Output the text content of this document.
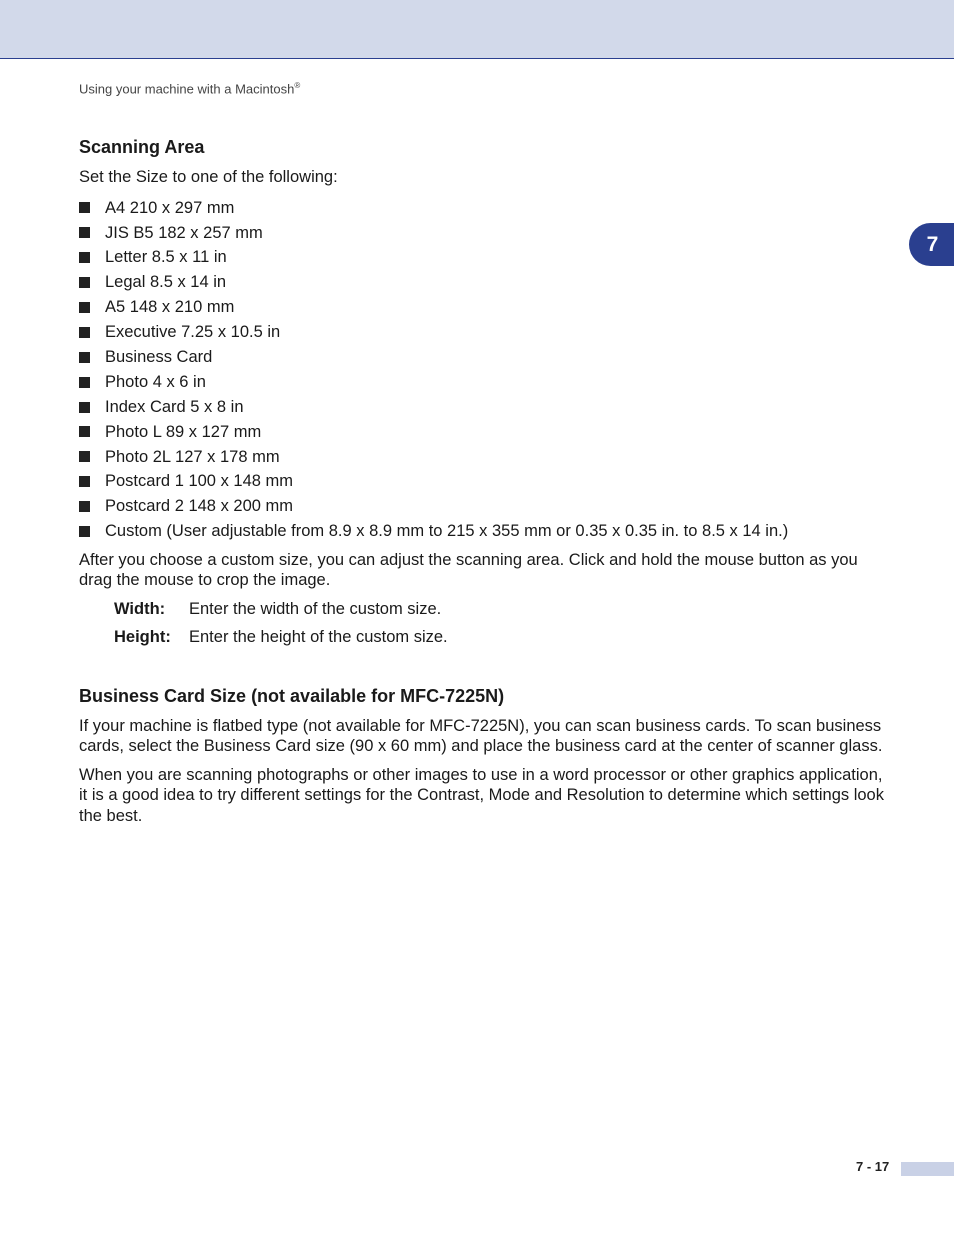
Using your machine with a Macintosh®
7
Scanning Area

Set the Size to one of the following:

A4 210 x 297 mm
JIS B5 182 x 257 mm
Letter 8.5 x 11 in
Legal 8.5 x 14 in
A5 148 x 210 mm
Executive 7.25 x 10.5 in
Business Card
Photo 4 x 6 in
Index Card 5 x 8 in
Photo L 89 x 127 mm
Photo 2L 127 x 178 mm
Postcard 1 100 x 148 mm
Postcard 2 148 x 200 mm
Custom (User adjustable from 8.9 x 8.9 mm to 215 x 355 mm or 0.35 x 0.35 in. to 8.5 x 14 in.)

After you choose a custom size, you can adjust the scanning area. Click and hold the mouse button as you drag the mouse to crop the image.

Width:	Enter the width of the custom size.
Height:	Enter the height of the custom size.
Business Card Size (not available for MFC-7225N)

If your machine is flatbed type (not available for MFC-7225N), you can scan business cards. To scan business cards, select the Business Card size (90 x 60 mm) and place the business card at the center of scanner glass.

When you are scanning photographs or other images to use in a word processor or other graphics application, it is a good idea to try different settings for the Contrast, Mode and Resolution to determine which settings look the best.

7 - 17
